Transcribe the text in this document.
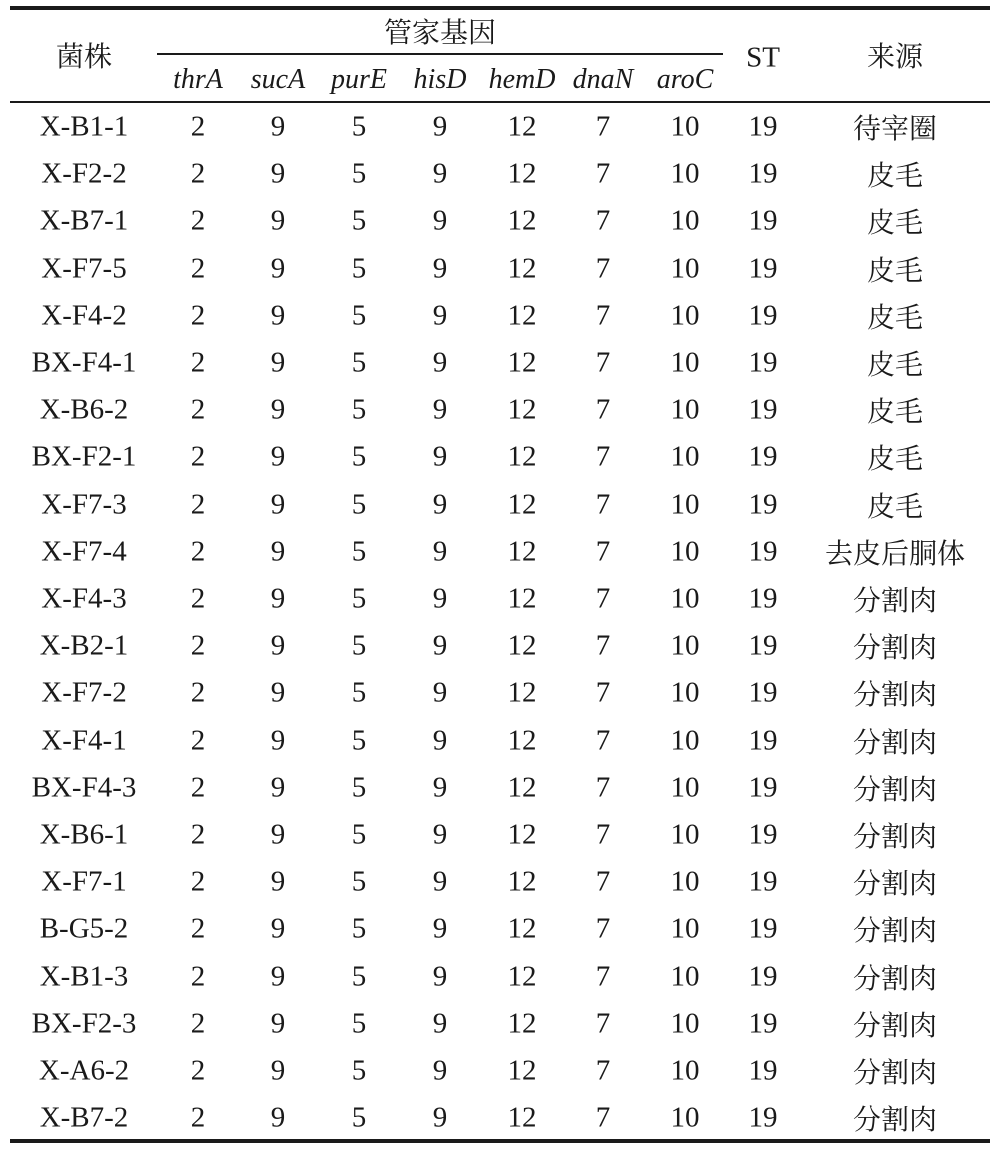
菌株
管家基因
ST	来源
thrA sucA purE hisD hemD dnaN aroC
X-B1-1 2 9 5 9 12 7 10 19	待宰圈
X-F2-2 2 9 5 9 12 7 10 19	皮毛
X-B7-1 2 9 5 9 12 7 10 19	皮毛
X-F7-5 2 9 5 9 12 7 10 19	皮毛
X-F4-2 2 9 5 9 12 7 10 19	皮毛
BX-F4-1 2 9 5 9 12 7 10 19	皮毛
X-B6-2 2 9 5 9 12 7 10 19	皮毛
BX-F2-1 2 9 5 9 12 7 10 19	皮毛
X-F7-3 2 9 5 9 12 7 10 19	皮毛
X-F7-4 2 9 5 9 12 7 10 19 去皮后胴体
X-F4-3 2 9 5 9 12 7 10 19	分割肉
X-B2-1 2 9 5 9 12 7 10 19	分割肉
X-F7-2 2 9 5 9 12 7 10 19	分割肉
X-F4-1 2 9 5 9 12 7 10 19	分割肉
BX-F4-3 2 9 5 9 12 7 10 19	分割肉
X-B6-1 2 9 5 9 12 7 10 19	分割肉
X-F7-1 2 9 5 9 12 7 10 19	分割肉
B-G5-2 2 9 5 9 12 7 10 19	分割肉
X-B1-3 2 9 5 9 12 7 10 19	分割肉
BX-F2-3 2 9 5 9 12 7 10 19	分割肉
X-A6-2 2 9 5 9 12 7 10 19	分割肉
X-B7-2 2 9 5 9 12 7 10 19	分割肉
